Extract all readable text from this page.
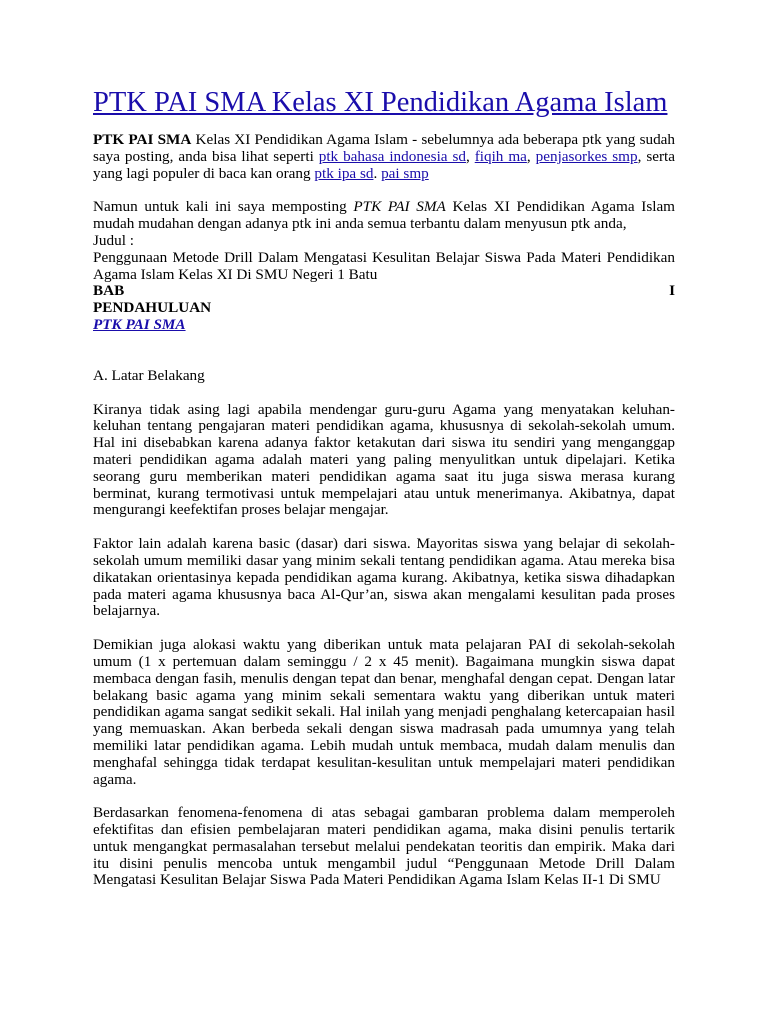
PTK PAI SMA Kelas XI Pendidikan Agama Islam

PTK PAI SMA Kelas XI Pendidikan Agama Islam - sebelumnya ada beberapa ptk yang sudah saya posting, anda bisa lihat seperti ptk bahasa indonesia sd, fiqih ma, penjasorkes smp, serta yang lagi populer di baca kan orang ptk ipa sd. pai smp

Namun untuk kali ini saya memposting PTK PAI SMA Kelas XI Pendidikan Agama Islam mudah mudahan dengan adanya ptk ini anda semua terbantu dalam menyusun ptk anda,

Judul :

Penggunaan Metode Drill Dalam Mengatasi Kesulitan Belajar Siswa Pada Materi Pendidikan Agama Islam Kelas XI Di SMU Negeri 1 Batu

BAB	I

PENDAHULUAN

PTK PAI SMA

A. Latar Belakang

Kiranya tidak asing lagi apabila mendengar guru-guru Agama yang menyatakan keluhan-keluhan tentang pengajaran materi pendidikan agama, khususnya di sekolah-sekolah umum. Hal ini disebabkan karena adanya faktor ketakutan dari siswa itu sendiri yang menganggap materi pendidikan agama adalah materi yang paling menyulitkan untuk dipelajari. Ketika seorang guru memberikan materi pendidikan agama saat itu juga siswa merasa kurang berminat, kurang termotivasi untuk mempelajari atau untuk menerimanya. Akibatnya, dapat mengurangi keefektifan proses belajar mengajar.

Faktor lain adalah karena basic (dasar) dari siswa. Mayoritas siswa yang belajar di sekolah-sekolah umum memiliki dasar yang minim sekali tentang pendidikan agama. Atau mereka bisa dikatakan orientasinya kepada pendidikan agama kurang. Akibatnya, ketika siswa dihadapkan pada materi agama khususnya baca Al-Qur’an, siswa akan mengalami kesulitan pada proses belajarnya.

Demikian juga alokasi waktu yang diberikan untuk mata pelajaran PAI di sekolah-sekolah umum (1 x pertemuan dalam seminggu / 2 x 45 menit). Bagaimana mungkin siswa dapat membaca dengan fasih, menulis dengan tepat dan benar, menghafal dengan cepat. Dengan latar belakang basic agama yang minim sekali sementara waktu yang diberikan untuk materi pendidikan agama sangat sedikit sekali. Hal inilah yang menjadi penghalang ketercapaian hasil yang memuaskan. Akan berbeda sekali dengan siswa madrasah pada umumnya yang telah memiliki latar pendidikan agama. Lebih mudah untuk membaca, mudah dalam menulis dan menghafal sehingga tidak terdapat kesulitan-kesulitan untuk mempelajari materi pendidikan agama.

Berdasarkan fenomena-fenomena di atas sebagai gambaran problema dalam memperoleh efektifitas dan efisien pembelajaran materi pendidikan agama, maka disini penulis tertarik untuk mengangkat permasalahan tersebut melalui pendekatan teoritis dan empirik. Maka dari itu disini penulis mencoba untuk mengambil judul “Penggunaan Metode Drill Dalam Mengatasi Kesulitan Belajar Siswa Pada Materi Pendidikan Agama Islam Kelas II-1 Di SMU
